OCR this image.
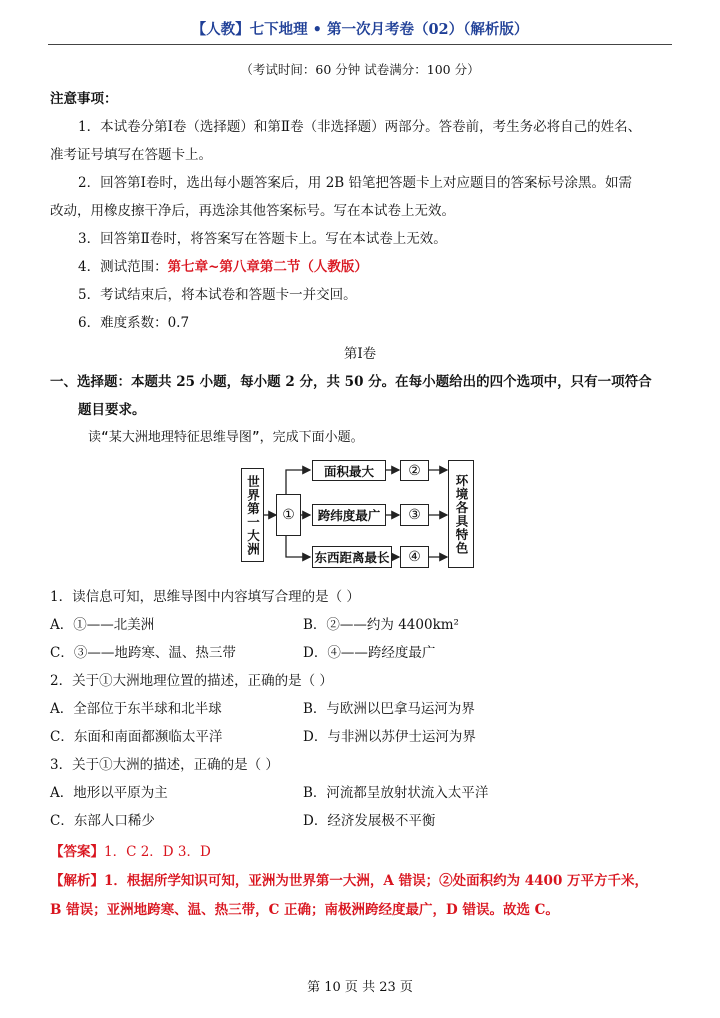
【人教】七下地理 • 第一次月考卷（02）（解析版）
（考试时间：60 分钟 试卷满分：100 分）
注意事项：
1．本试卷分第Ⅰ卷（选择题）和第Ⅱ卷（非选择题）两部分。答卷前，考生务必将自己的姓名、
准考证号填写在答题卡上。
2．回答第Ⅰ卷时，选出每小题答案后，用 2B 铅笔把答题卡上对应题目的答案标号涂黑。如需
改动，用橡皮擦干净后，再选涂其他答案标号。写在本试卷上无效。
3．回答第Ⅱ卷时，将答案写在答题卡上。写在本试卷上无效。
4．测试范围：第七章~第八章第二节（人教版）
5．考试结束后，将本试卷和答题卡一并交回。
6．难度系数：0.7
第Ⅰ卷
一、选择题：本题共 25 小题，每小题 2 分，共 50 分。在每小题给出的四个选项中，只有一项符合
题目要求。
读“某大洲地理特征思维导图”，完成下面小题。
世界第一大洲	①
面积最大
跨纬度最广
东西距离最长
②
③
④
环境各具特色
1．读信息可知，思维导图中内容填写合理的是（ ）
A．①——北美洲	B．②——约为 4400km²
C．③——地跨寒、温、热三带	D．④——跨经度最广
2．关于①大洲地理位置的描述，正确的是（ ）
A．全部位于东半球和北半球	B．与欧洲以巴拿马运河为界
C．东面和南面都濒临太平洋	D．与非洲以苏伊士运河为界
3．关于①大洲的描述，正确的是（ ）
A．地形以平原为主	B．河流都呈放射状流入太平洋
C．东部人口稀少	D．经济发展极不平衡
【答案】1．C 2．D 3．D
【解析】1．根据所学知识可知，亚洲为世界第一大洲，A 错误；②处面积约为 4400 万平方千米，
B 错误；亚洲地跨寒、温、热三带，C 正确；南极洲跨经度最广，D 错误。故选 C。
第 10 页 共 23 页
